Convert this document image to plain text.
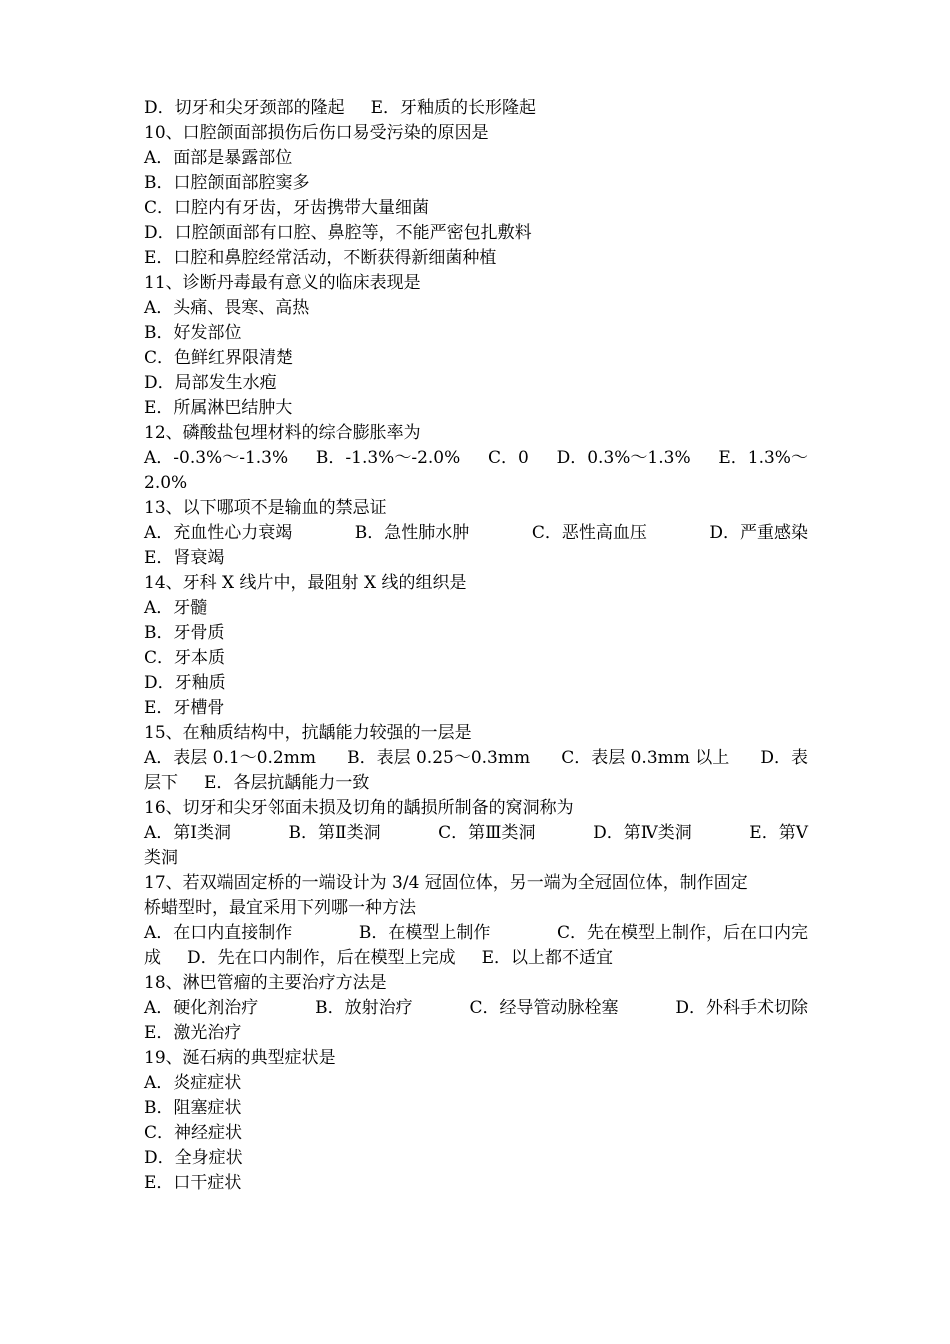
D．切牙和尖牙颈部的隆起 E．牙釉质的长形隆起
10、口腔颌面部损伤后伤口易受污染的原因是
A．面部是暴露部位
B．口腔颌面部腔窦多
C．口腔内有牙齿，牙齿携带大量细菌
D．口腔颌面部有口腔、鼻腔等，不能严密包扎敷料
E．口腔和鼻腔经常活动，不断获得新细菌种植
11、诊断丹毒最有意义的临床表现是
A．头痛、畏寒、高热
B．好发部位
C．色鲜红界限清楚
D．局部发生水疱
E．所属淋巴结肿大
12、磷酸盐包埋材料的综合膨胀率为
A．-0.3%～-1.3% B．-1.3%～-2.0% C．0 D．0.3%～1.3% E．1.3%～
2.0%
13、以下哪项不是输血的禁忌证
A．充血性心力衰竭	B．急性肺水肿	C．恶性高血压	D．严重感染
E．肾衰竭
14、牙科 X 线片中，最阻射 X 线的组织是
A．牙髓
B．牙骨质
C．牙本质
D．牙釉质
E．牙槽骨
15、在釉质结构中，抗龋能力较强的一层是
A．表层 0.1～0.2mm B．表层 0.25～0.3mm C．表层 0.3mm 以上 D．表
层下 E．各层抗龋能力一致
16、切牙和尖牙邻面未损及切角的龋损所制备的窝洞称为
A．第Ⅰ类洞	B．第Ⅱ类洞	C．第Ⅲ类洞	D．第Ⅳ类洞	E．第Ⅴ
类洞
17、若双端固定桥的一端设计为 3/4 冠固位体，另一端为全冠固位体，制作固定
桥蜡型时，最宜采用下列哪一种方法
A．在口内直接制作	B．在模型上制作	C．先在模型上制作，后在口内完
成 D．先在口内制作，后在模型上完成 E．以上都不适宜
18、淋巴管瘤的主要治疗方法是
A．硬化剂治疗	B．放射治疗	C．经导管动脉栓塞	D．外科手术切除
E．激光治疗
19、涎石病的典型症状是
A．炎症症状
B．阻塞症状
C．神经症状
D．全身症状
E．口干症状
